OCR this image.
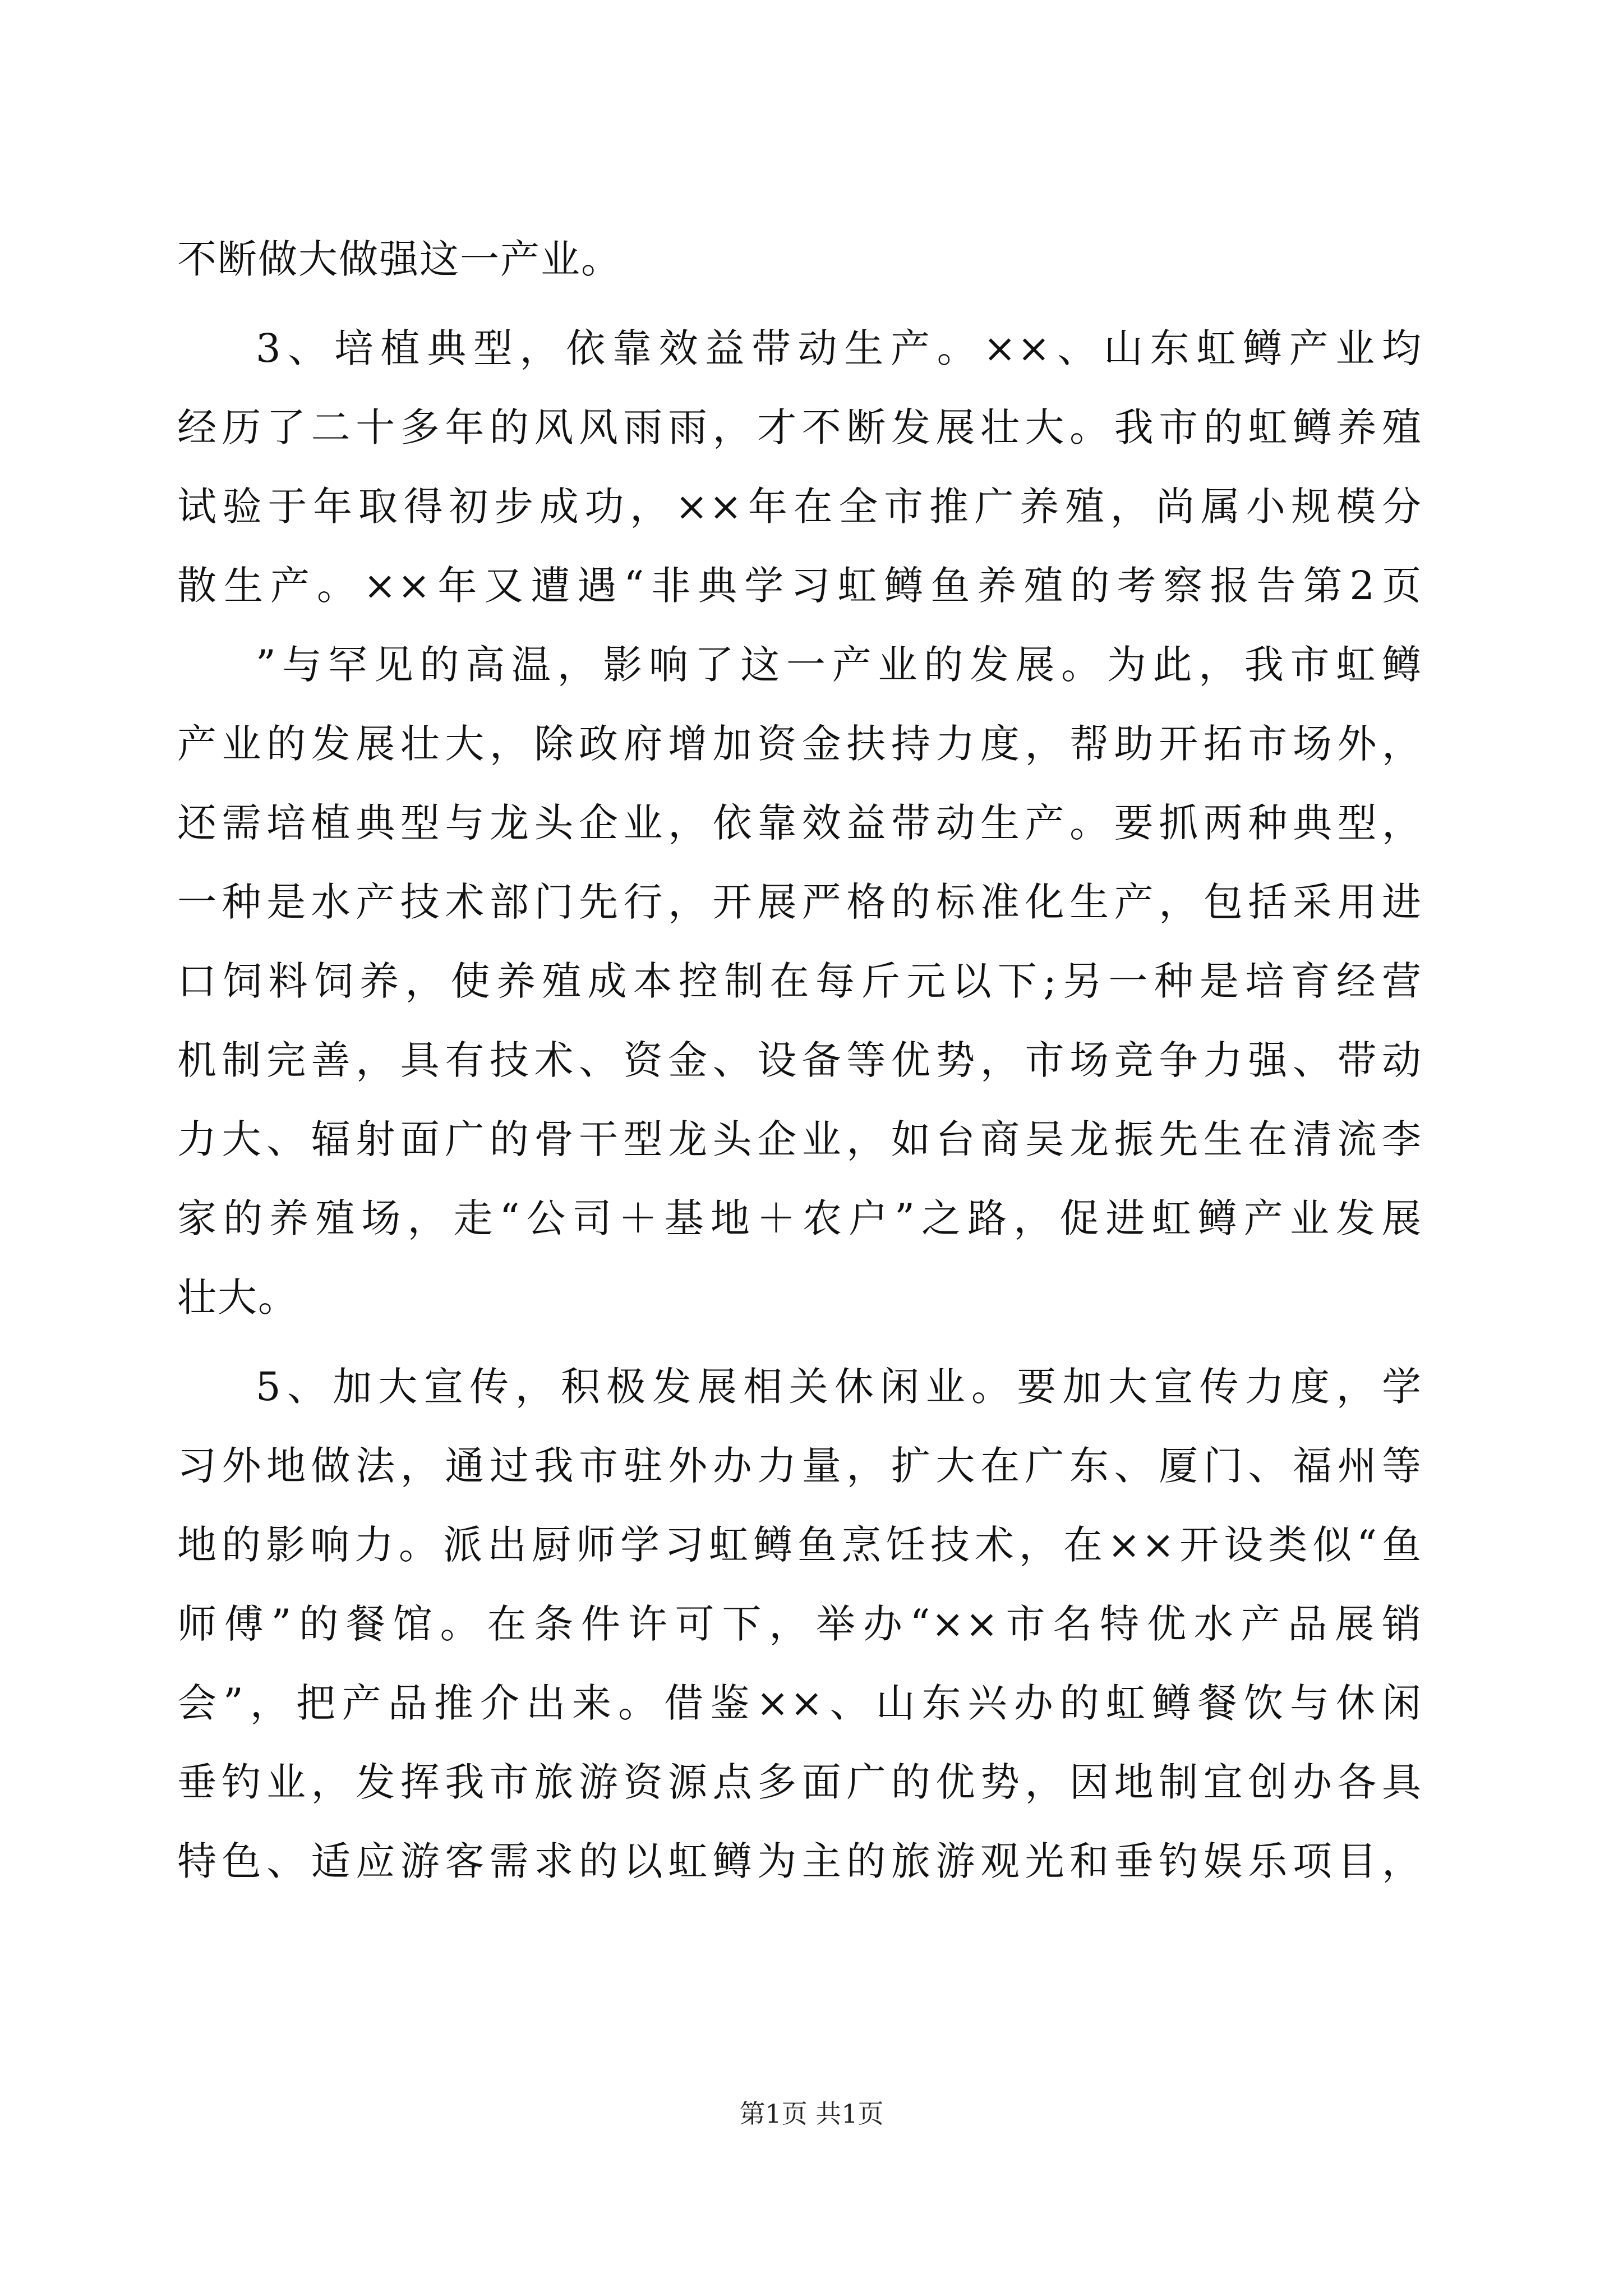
不断做大做强这一产业。
3、培植典型，依靠效益带动生产。××、山东虹鳟产业均
经历了二十多年的风风雨雨，才不断发展壮大。我市的虹鳟养殖
试验于年取得初步成功，××年在全市推广养殖，尚属小规模分
散生产。××年又遭遇“非典学习虹鳟鱼养殖的考察报告第2页
”与罕见的高温，影响了这一产业的发展。为此，我市虹鳟
产业的发展壮大，除政府增加资金扶持力度，帮助开拓市场外，
还需培植典型与龙头企业，依靠效益带动生产。要抓两种典型，
一种是水产技术部门先行，开展严格的标准化生产，包括采用进
口饲料饲养，使养殖成本控制在每斤元以下;另一种是培育经营
机制完善，具有技术、资金、设备等优势，市场竞争力强、带动
力大、辐射面广的骨干型龙头企业，如台商吴龙振先生在清流李
家的养殖场，走“公司＋基地＋农户”之路，促进虹鳟产业发展
壮大。
5、加大宣传，积极发展相关休闲业。要加大宣传力度，学
习外地做法，通过我市驻外办力量，扩大在广东、厦门、福州等
地的影响力。派出厨师学习虹鳟鱼烹饪技术，在××开设类似“鱼
师傅”的餐馆。在条件许可下，举办“××市名特优水产品展销
会”，把产品推介出来。借鉴××、山东兴办的虹鳟餐饮与休闲
垂钓业，发挥我市旅游资源点多面广的优势，因地制宜创办各具
特色、适应游客需求的以虹鳟为主的旅游观光和垂钓娱乐项目，
第1页 共1页
